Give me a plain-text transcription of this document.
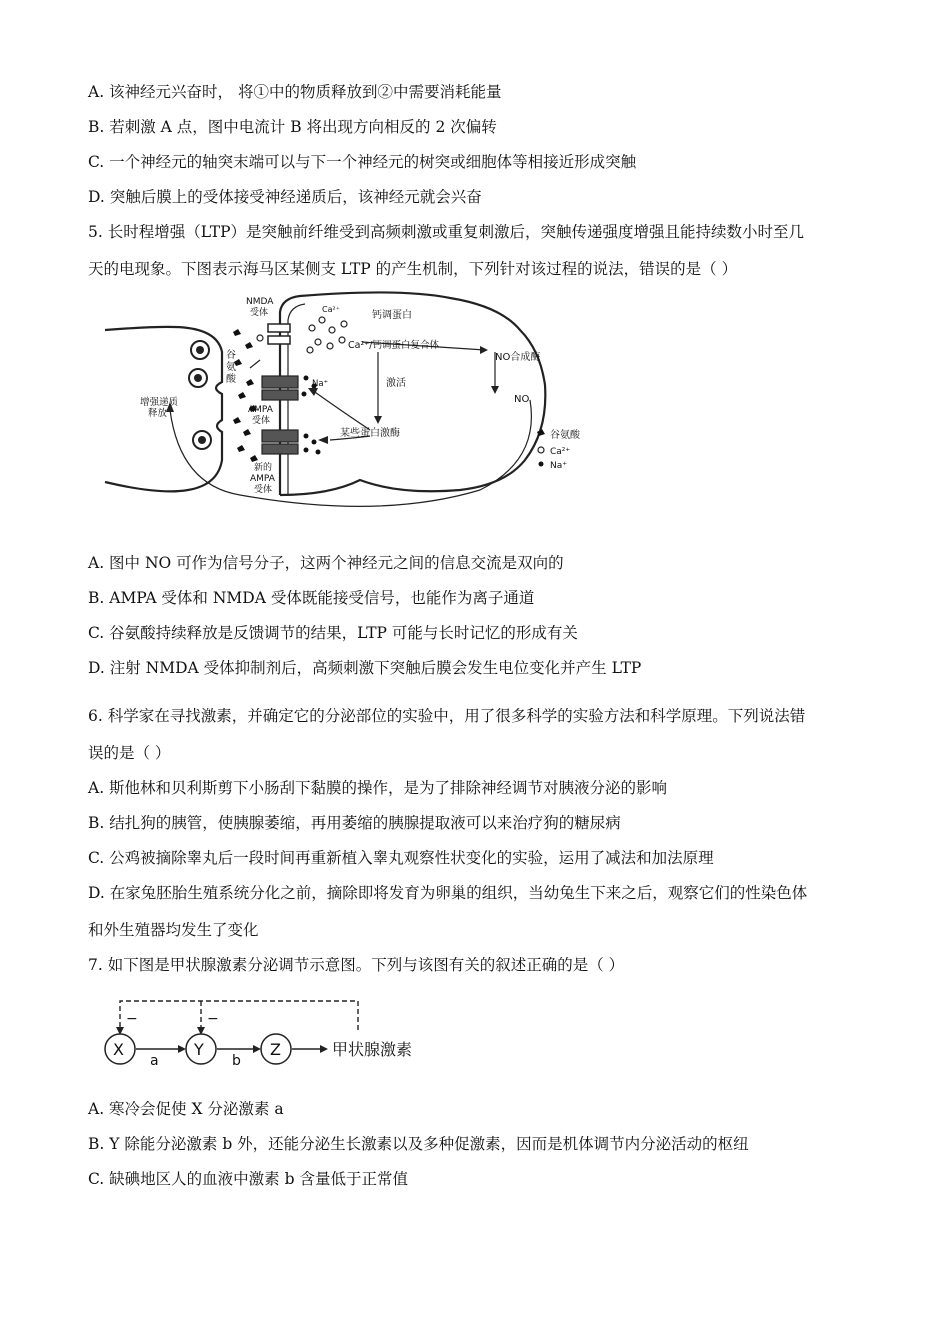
A. 该神经元兴奋时， 将①中的物质释放到②中需要消耗能量
B. 若刺激 A 点，图中电流计 B 将出现方向相反的 2 次偏转
C. 一个神经元的轴突末端可以与下一个神经元的树突或细胞体等相接近形成突触
D. 突触后膜上的受体接受神经递质后，该神经元就会兴奋
5. 长时程增强（LTP）是突触前纤维受到高频刺激或重复刺激后，突触传递强度增强且能持续数小时至几
天的电现象。下图表示海马区某侧支 LTP 的产生机制，下列针对该过程的说法，错误的是（ ）
NMDA
受体	Ca²⁺
钙调蛋白
Ca²⁺/钙调蛋白复合体
NO合成酶
NO
激活
谷
氨
酸	Na⁺
增强递质
释放	AMPA
受体
某些蛋白激酶
新的
AMPA
受体
谷氨酸
Ca²⁺
Na⁺
A. 图中 NO 可作为信号分子，这两个神经元之间的信息交流是双向的
B. AMPA 受体和 NMDA 受体既能接受信号，也能作为离子通道
C. 谷氨酸持续释放是反馈调节的结果，LTP 可能与长时记忆的形成有关
D. 注射 NMDA 受体抑制剂后，高频刺激下突触后膜会发生电位变化并产生 LTP
6. 科学家在寻找激素，并确定它的分泌部位的实验中，用了很多科学的实验方法和科学原理。下列说法错
误的是（ ）
A. 斯他林和贝利斯剪下小肠刮下黏膜的操作，是为了排除神经调节对胰液分泌的影响
B. 结扎狗的胰管，使胰腺萎缩，再用萎缩的胰腺提取液可以来治疗狗的糖尿病
C. 公鸡被摘除睾丸后一段时间再重新植入睾丸观察性状变化的实验，运用了减法和加法原理
D. 在家兔胚胎生殖系统分化之前，摘除即将发育为卵巢的组织，当幼兔生下来之后，观察它们的性染色体
和外生殖器均发生了变化
7. 如下图是甲状腺激素分泌调节示意图。下列与该图有关的叙述正确的是（ ）
−	−
X	Y	Z
a	b
甲状腺激素
A. 寒冷会促使 X 分泌激素 a
B. Y 除能分泌激素 b 外，还能分泌生长激素以及多种促激素，因而是机体调节内分泌活动的枢纽
C. 缺碘地区人的血液中激素 b 含量低于正常值
